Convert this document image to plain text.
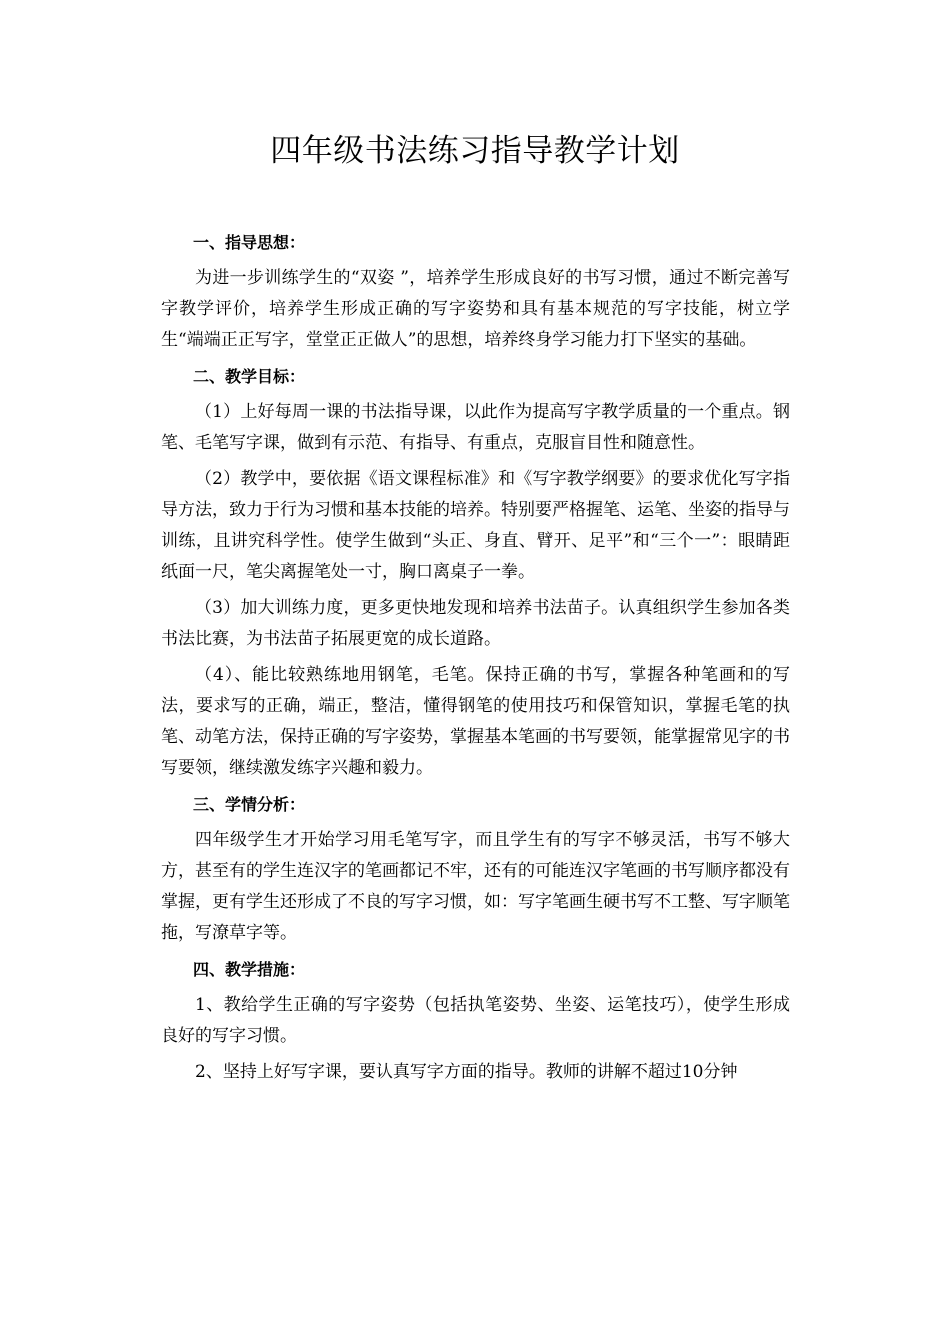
四年级书法练习指导教学计划

一、指导思想：

为进一步训练学生的“双姿 ”，培养学生形成良好的书写习惯，通过不断完善写字教学评价，培养学生形成正确的写字姿势和具有基本规范的写字技能，树立学生“端端正正写字，堂堂正正做人”的思想，培养终身学习能力打下坚实的基础。

二、教学目标：

（1）上好每周一课的书法指导课，以此作为提高写字教学质量的一个重点。钢笔、毛笔写字课，做到有示范、有指导、有重点，克服盲目性和随意性。

（2）教学中，要依据《语文课程标准》和《写字教学纲要》的要求优化写字指导方法，致力于行为习惯和基本技能的培养。特别要严格握笔、运笔、坐姿的指导与训练，且讲究科学性。使学生做到“头正、身直、臂开、足平”和“三个一”：眼睛距纸面一尺，笔尖离握笔处一寸，胸口离桌子一拳。

（3）加大训练力度，更多更快地发现和培养书法苗子。认真组织学生参加各类书法比赛，为书法苗子拓展更宽的成长道路。

（4）、能比较熟练地用钢笔，毛笔。保持正确的书写，掌握各种笔画和的写法，要求写的正确，端正，整洁，懂得钢笔的使用技巧和保管知识，掌握毛笔的执笔、动笔方法，保持正确的写字姿势，掌握基本笔画的书写要领，能掌握常见字的书写要领，继续激发练字兴趣和毅力。

三、学情分析：

四年级学生才开始学习用毛笔写字，而且学生有的写字不够灵活，书写不够大方，甚至有的学生连汉字的笔画都记不牢，还有的可能连汉字笔画的书写顺序都没有掌握，更有学生还形成了不良的写字习惯，如：写字笔画生硬书写不工整、写字顺笔拖，写潦草字等。

四、教学措施：

1、教给学生正确的写字姿势（包括执笔姿势、坐姿、运笔技巧），使学生形成良好的写字习惯。

2、坚持上好写字课，要认真写字方面的指导。教师的讲解不超过10分钟
